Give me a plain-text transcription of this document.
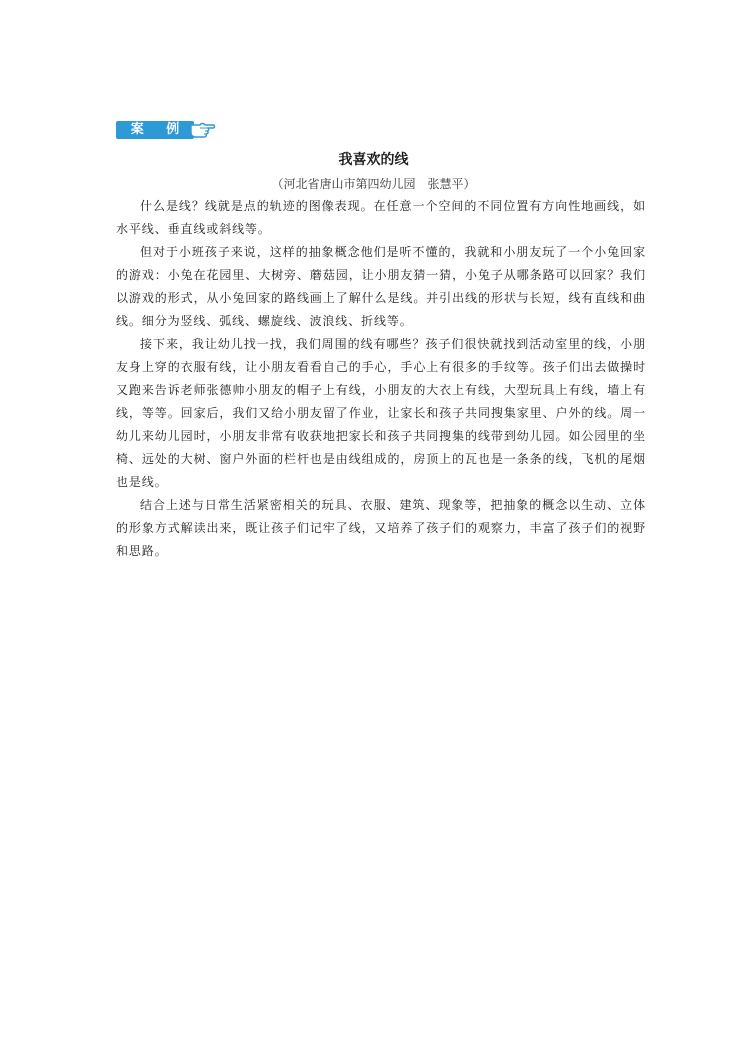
案 例
我喜欢的线
（河北省唐山市第四幼儿园　张慧平）

什么是线？线就是点的轨迹的图像表现。在任意一个空间的不同位置有方向性地画线，如水平线、垂直线或斜线等。

但对于小班孩子来说，这样的抽象概念他们是听不懂的，我就和小朋友玩了一个小兔回家的游戏：小兔在花园里、大树旁、蘑菇园，让小朋友猜一猜，小兔子从哪条路可以回家？我们以游戏的形式，从小兔回家的路线画上了解什么是线。并引出线的形状与长短，线有直线和曲线。细分为竖线、弧线、螺旋线、波浪线、折线等。

接下来，我让幼儿找一找，我们周围的线有哪些？孩子们很快就找到活动室里的线，小朋友身上穿的衣服有线，让小朋友看看自己的手心，手心上有很多的手纹等。孩子们出去做操时又跑来告诉老师张德帅小朋友的帽子上有线，小朋友的大衣上有线，大型玩具上有线，墙上有线，等等。回家后，我们又给小朋友留了作业，让家长和孩子共同搜集家里、户外的线。周一幼儿来幼儿园时，小朋友非常有收获地把家长和孩子共同搜集的线带到幼儿园。如公园里的坐椅、远处的大树、窗户外面的栏杆也是由线组成的，房顶上的瓦也是一条条的线，飞机的尾烟也是线。

结合上述与日常生活紧密相关的玩具、衣服、建筑、现象等，把抽象的概念以生动、立体的形象方式解读出来，既让孩子们记牢了线，又培养了孩子们的观察力，丰富了孩子们的视野和思路。
